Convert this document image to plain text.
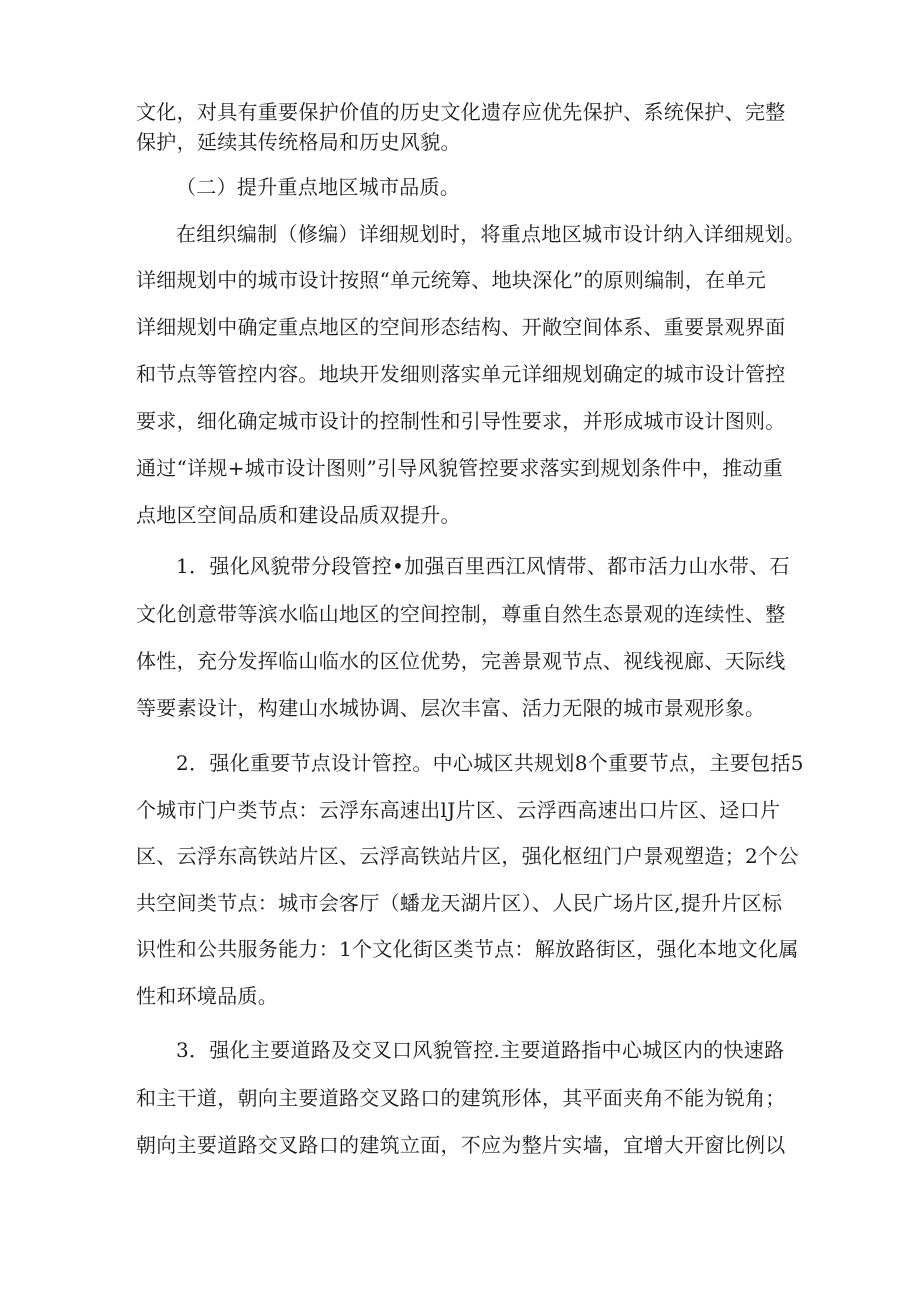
文化，对具有重要保护价值的历史文化遗存应优先保护、系统保护、完整
保护，延续其传统格局和历史风貌。
（二）提升重点地区城市品质。
在组织编制（修编）详细规划时，将重点地区城市设计纳入详细规划。
详细规划中的城市设计按照“单元统筹、地块深化”的原则编制，在单元
详细规划中确定重点地区的空间形态结构、开敞空间体系、重要景观界面
和节点等管控内容。地块开发细则落实单元详细规划确定的城市设计管控
要求，细化确定城市设计的控制性和引导性要求，并形成城市设计图则。
通过“详规+城市设计图则”引导风貌管控要求落实到规划条件中，推动重
点地区空间品质和建设品质双提升。
1．强化风貌带分段管控•加强百里西江风情带、都市活力山水带、石
文化创意带等滨水临山地区的空间控制，尊重自然生态景观的连续性、整
体性，充分发挥临山临水的区位优势，完善景观节点、视线视廊、天际线
等要素设计，构建山水城协调、层次丰富、活力无限的城市景观形象。
2．强化重要节点设计管控。中心城区共规划8个重要节点，主要包括5
个城市门户类节点：云浮东高速出lJ片区、云浮西高速出口片区、迳口片
区、云浮东高铁站片区、云浮高铁站片区，强化枢纽门户景观塑造；2个公
共空间类节点：城市会客厅（蟠龙天湖片区）、人民广场片区,提升片区标
识性和公共服务能力：1个文化街区类节点：解放路街区，强化本地文化属
性和环境品质。
3．强化主要道路及交叉口风貌管控.主要道路指中心城区内的快速路
和主干道，朝向主要道路交叉路口的建筑形体，其平面夹角不能为锐角；
朝向主要道路交叉路口的建筑立面，不应为整片实墙，宜增大开窗比例以
